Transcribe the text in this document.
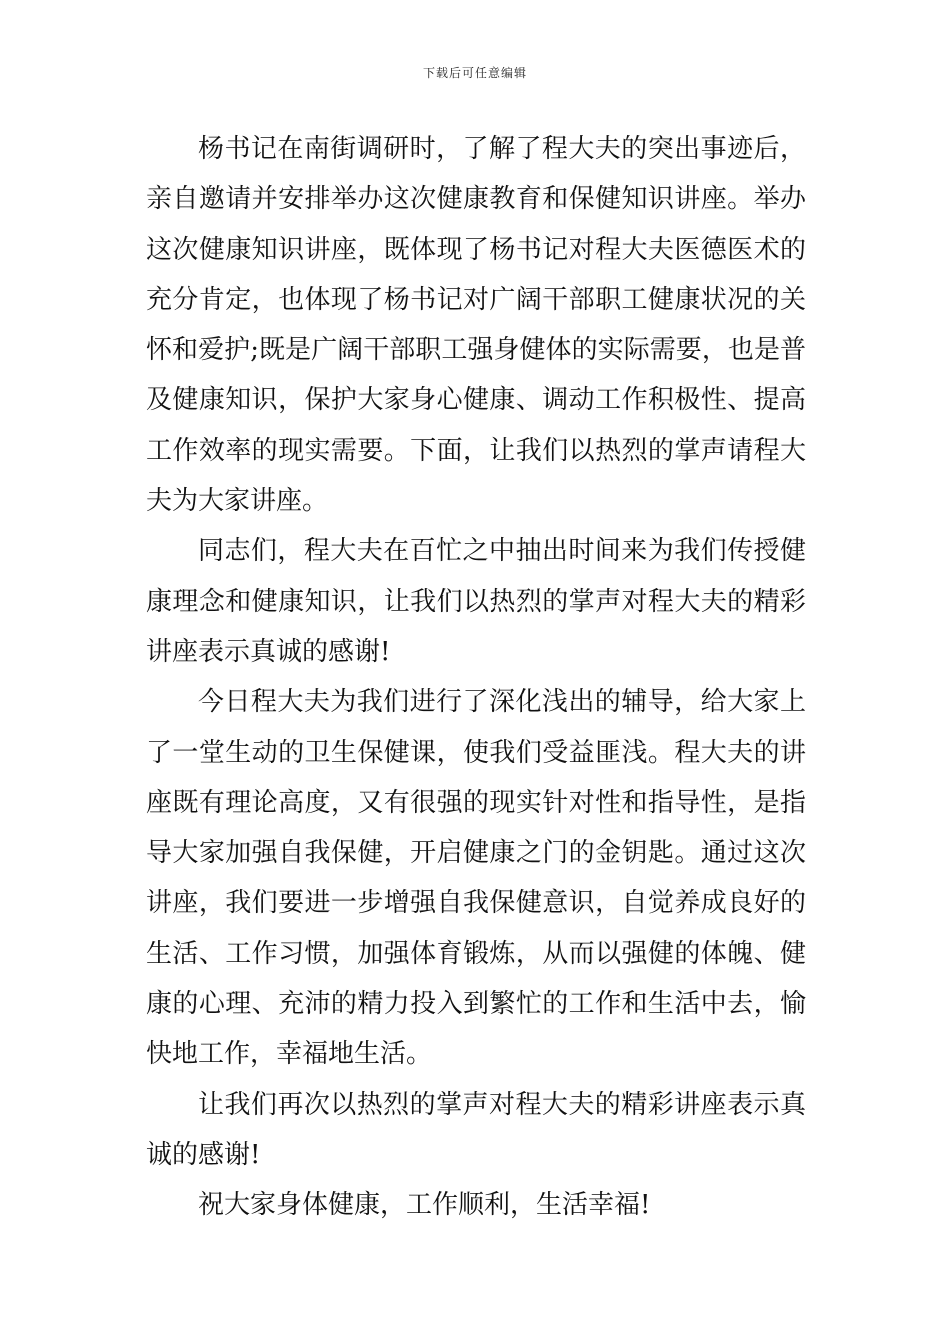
下载后可任意编辑
杨书记在南街调研时，了解了程大夫的突出事迹后，
亲自邀请并安排举办这次健康教育和保健知识讲座。举办
这次健康知识讲座，既体现了杨书记对程大夫医德医术的
充分肯定，也体现了杨书记对广阔干部职工健康状况的关
怀和爱护;既是广阔干部职工强身健体的实际需要，也是普
及健康知识，保护大家身心健康、调动工作积极性、提高
工作效率的现实需要。下面，让我们以热烈的掌声请程大
夫为大家讲座。
同志们，程大夫在百忙之中抽出时间来为我们传授健
康理念和健康知识，让我们以热烈的掌声对程大夫的精彩
讲座表示真诚的感谢!
今日程大夫为我们进行了深化浅出的辅导，给大家上
了一堂生动的卫生保健课，使我们受益匪浅。程大夫的讲
座既有理论高度，又有很强的现实针对性和指导性，是指
导大家加强自我保健，开启健康之门的金钥匙。通过这次
讲座，我们要进一步增强自我保健意识，自觉养成良好的
生活、工作习惯，加强体育锻炼，从而以强健的体魄、健
康的心理、充沛的精力投入到繁忙的工作和生活中去，愉
快地工作，幸福地生活。
让我们再次以热烈的掌声对程大夫的精彩讲座表示真
诚的感谢!
祝大家身体健康，工作顺利，生活幸福!
